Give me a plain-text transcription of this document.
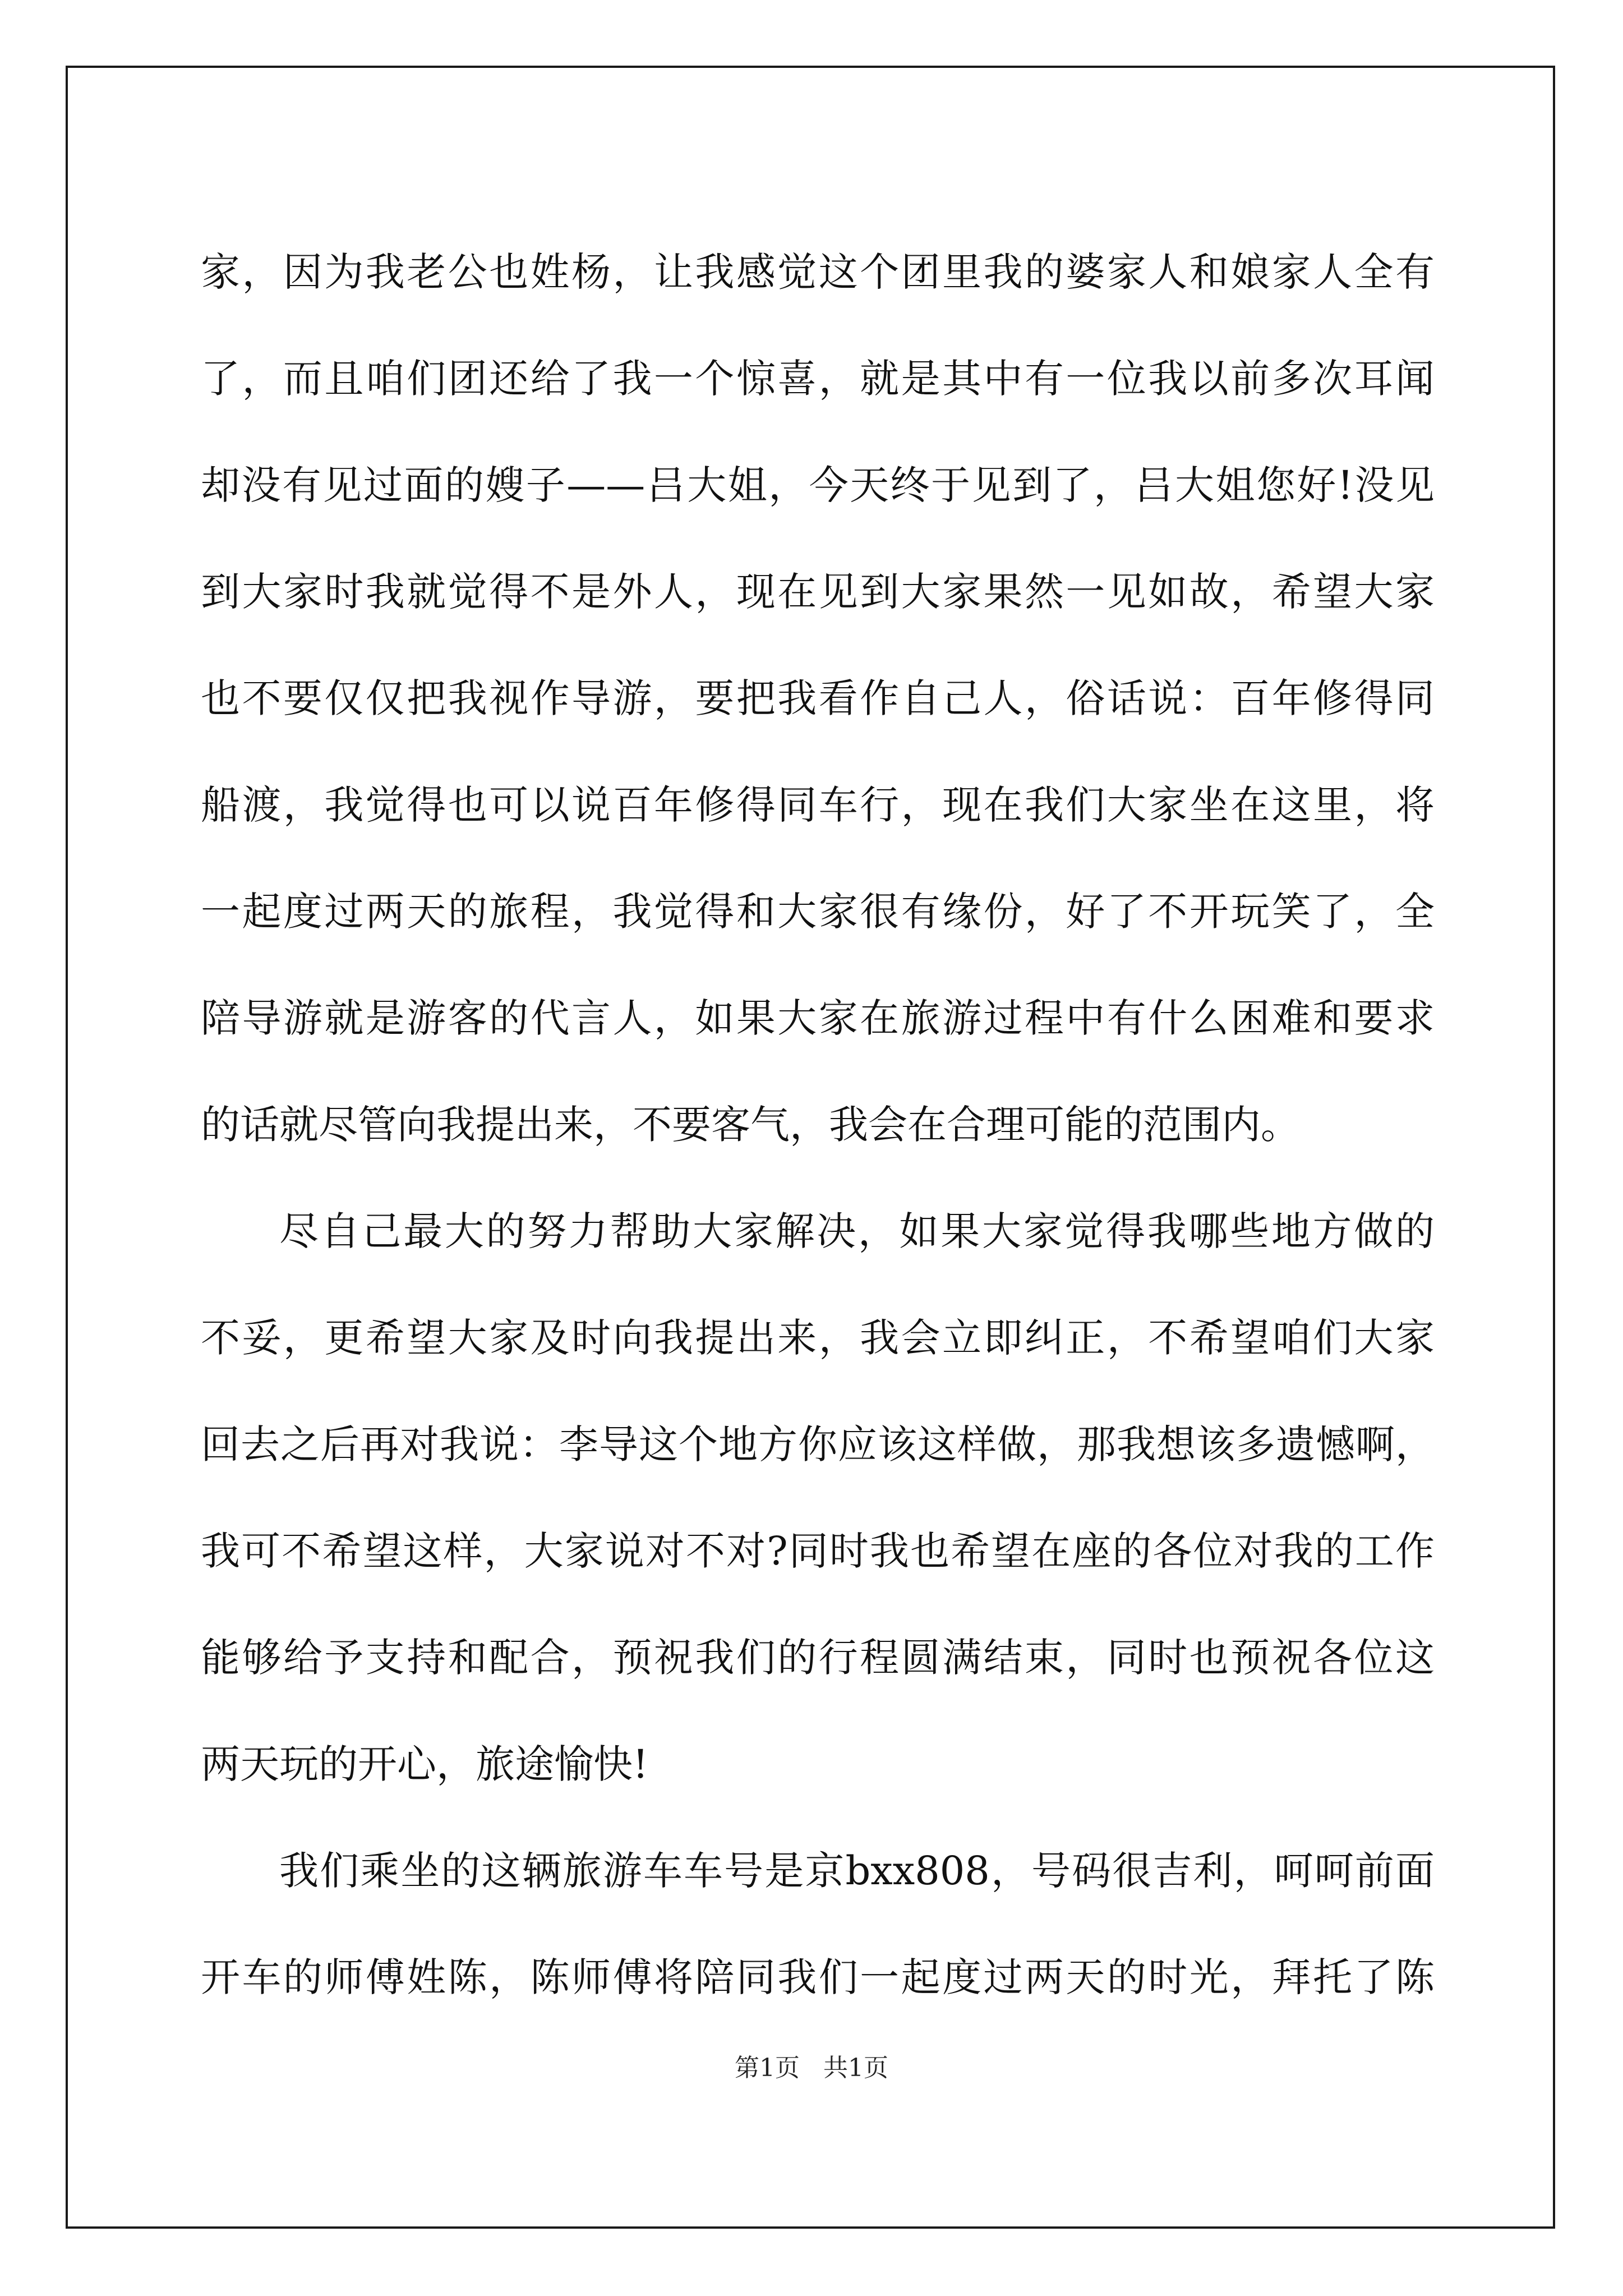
家，因为我老公也姓杨，让我感觉这个团里我的婆家人和娘家人全有
了，而且咱们团还给了我一个惊喜，就是其中有一位我以前多次耳闻
却没有见过面的嫂子——吕大姐，今天终于见到了，吕大姐您好!没见
到大家时我就觉得不是外人，现在见到大家果然一见如故，希望大家
也不要仅仅把我视作导游，要把我看作自己人，俗话说：百年修得同
船渡，我觉得也可以说百年修得同车行，现在我们大家坐在这里，将
一起度过两天的旅程，我觉得和大家很有缘份，好了不开玩笑了，全
陪导游就是游客的代言人，如果大家在旅游过程中有什么困难和要求
的话就尽管向我提出来，不要客气，我会在合理可能的范围内。
尽自己最大的努力帮助大家解决，如果大家觉得我哪些地方做的
不妥，更希望大家及时向我提出来，我会立即纠正，不希望咱们大家
回去之后再对我说：李导这个地方你应该这样做，那我想该多遗憾啊，
我可不希望这样，大家说对不对?同时我也希望在座的各位对我的工作
能够给予支持和配合，预祝我们的行程圆满结束，同时也预祝各位这
两天玩的开心，旅途愉快!
我们乘坐的这辆旅游车车号是京bxx808，号码很吉利，呵呵前面
开车的师傅姓陈，陈师傅将陪同我们一起度过两天的时光，拜托了陈
第1页   共1页
